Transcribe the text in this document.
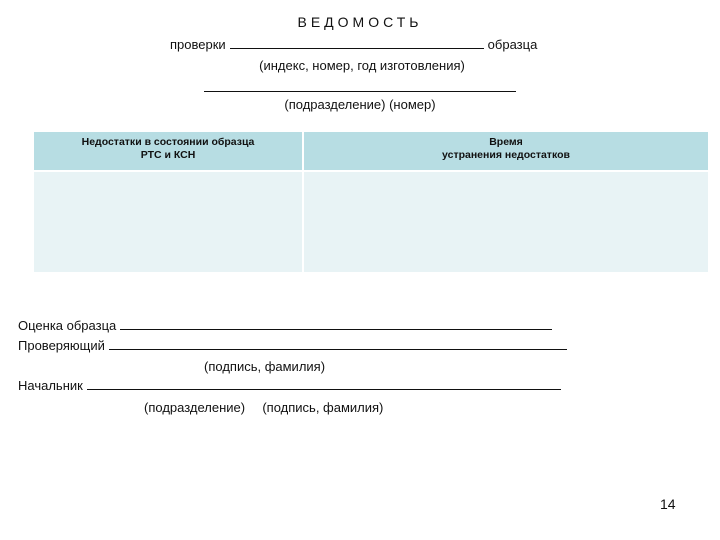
ВЕДОМОСТЬ
проверки	образца
(индекс, номер, год изготовления)
(подразделение) (номер)
Недостатки в состоянии образца
РТС и КСН
Время
устранения недостатков
Оценка образца
Проверяющий
(подпись, фамилия)
Начальник
(подразделение) (подпись, фамилия)
14
